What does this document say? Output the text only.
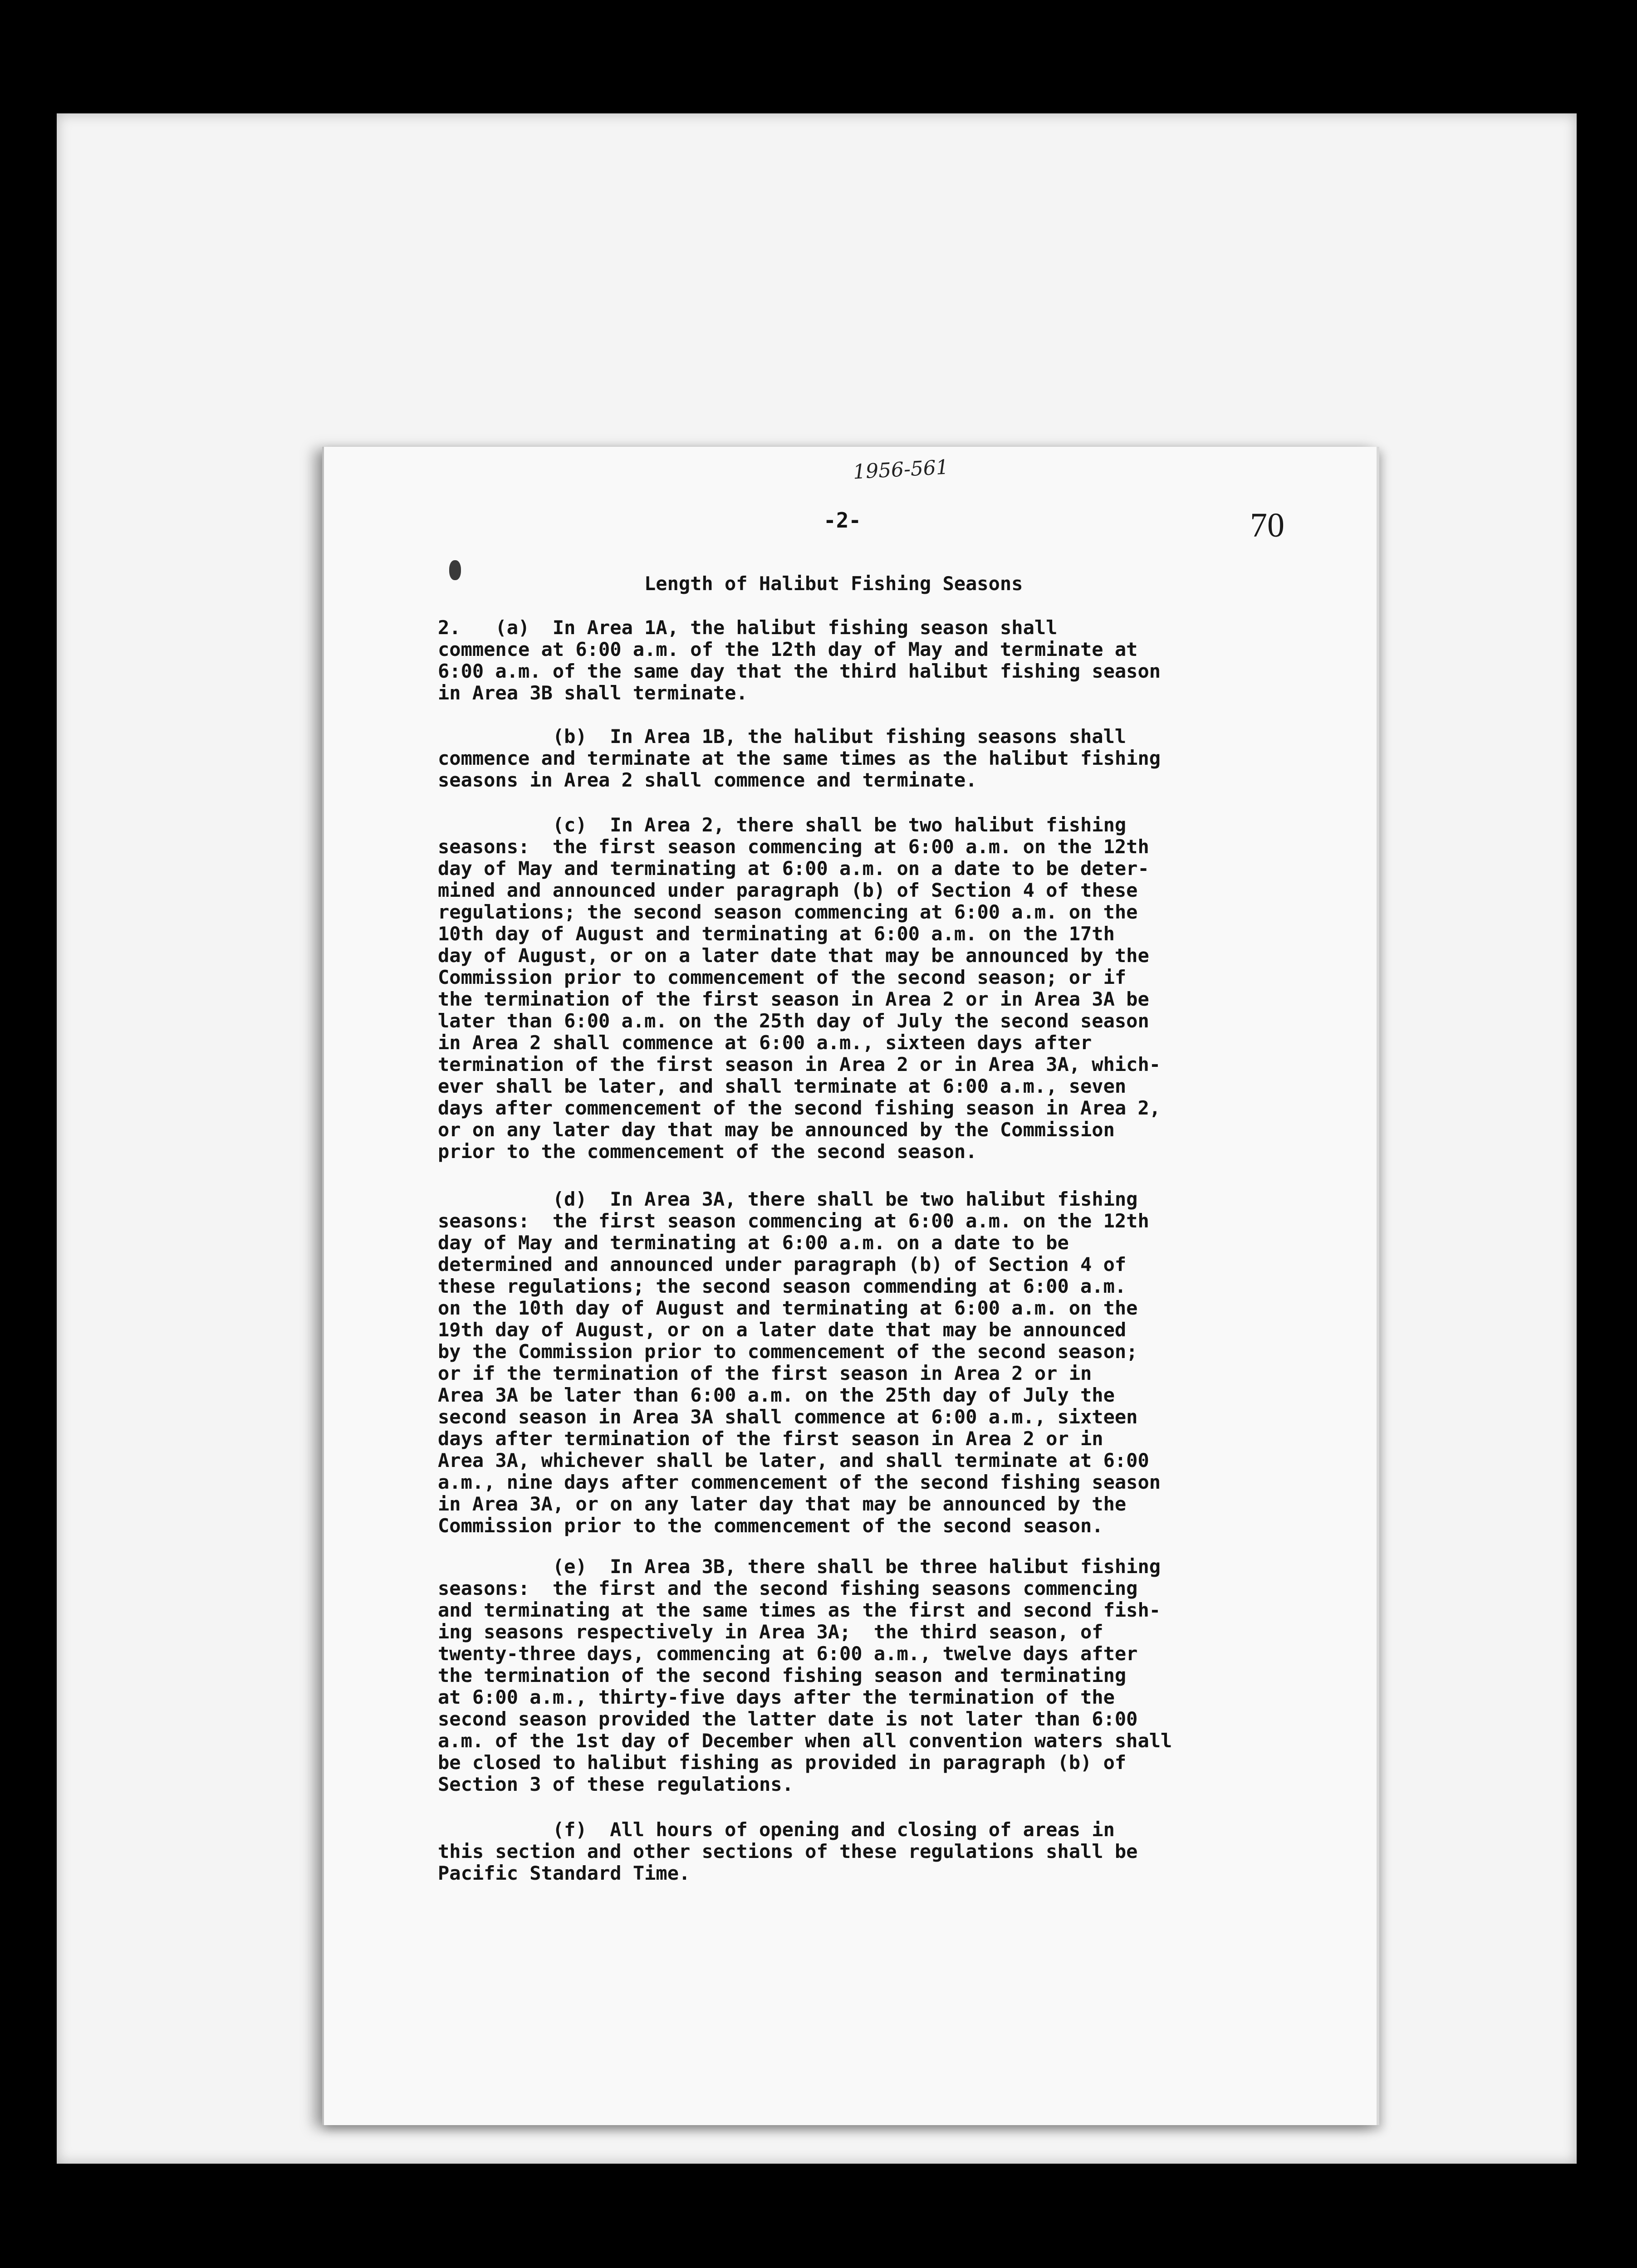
1956-561
-2-	70
Length of Halibut Fishing Seasons
2.   (a)  In Area 1A, the halibut fishing season shall
commence at 6:00 a.m. of the 12th day of May and terminate at
6:00 a.m. of the same day that the third halibut fishing season
in Area 3B shall terminate.
(b)  In Area 1B, the halibut fishing seasons shall
commence and terminate at the same times as the halibut fishing
seasons in Area 2 shall commence and terminate.
(c)  In Area 2, there shall be two halibut fishing
seasons:  the first season commencing at 6:00 a.m. on the 12th
day of May and terminating at 6:00 a.m. on a date to be deter-
mined and announced under paragraph (b) of Section 4 of these
regulations; the second season commencing at 6:00 a.m. on the
10th day of August and terminating at 6:00 a.m. on the 17th
day of August, or on a later date that may be announced by the
Commission prior to commencement of the second season; or if
the termination of the first season in Area 2 or in Area 3A be
later than 6:00 a.m. on the 25th day of July the second season
in Area 2 shall commence at 6:00 a.m., sixteen days after
termination of the first season in Area 2 or in Area 3A, which-
ever shall be later, and shall terminate at 6:00 a.m., seven
days after commencement of the second fishing season in Area 2,
or on any later day that may be announced by the Commission
prior to the commencement of the second season.
(d)  In Area 3A, there shall be two halibut fishing
seasons:  the first season commencing at 6:00 a.m. on the 12th
day of May and terminating at 6:00 a.m. on a date to be
determined and announced under paragraph (b) of Section 4 of
these regulations; the second season commending at 6:00 a.m.
on the 10th day of August and terminating at 6:00 a.m. on the
19th day of August, or on a later date that may be announced
by the Commission prior to commencement of the second season;
or if the termination of the first season in Area 2 or in
Area 3A be later than 6:00 a.m. on the 25th day of July the
second season in Area 3A shall commence at 6:00 a.m., sixteen
days after termination of the first season in Area 2 or in
Area 3A, whichever shall be later, and shall terminate at 6:00
a.m., nine days after commencement of the second fishing season
in Area 3A, or on any later day that may be announced by the
Commission prior to the commencement of the second season.
(e)  In Area 3B, there shall be three halibut fishing
seasons:  the first and the second fishing seasons commencing
and terminating at the same times as the first and second fish-
ing seasons respectively in Area 3A;  the third season, of
twenty-three days, commencing at 6:00 a.m., twelve days after
the termination of the second fishing season and terminating
at 6:00 a.m., thirty-five days after the termination of the
second season provided the latter date is not later than 6:00
a.m. of the 1st day of December when all convention waters shall
be closed to halibut fishing as provided in paragraph (b) of
Section 3 of these regulations.
(f)  All hours of opening and closing of areas in
this section and other sections of these regulations shall be
Pacific Standard Time.
